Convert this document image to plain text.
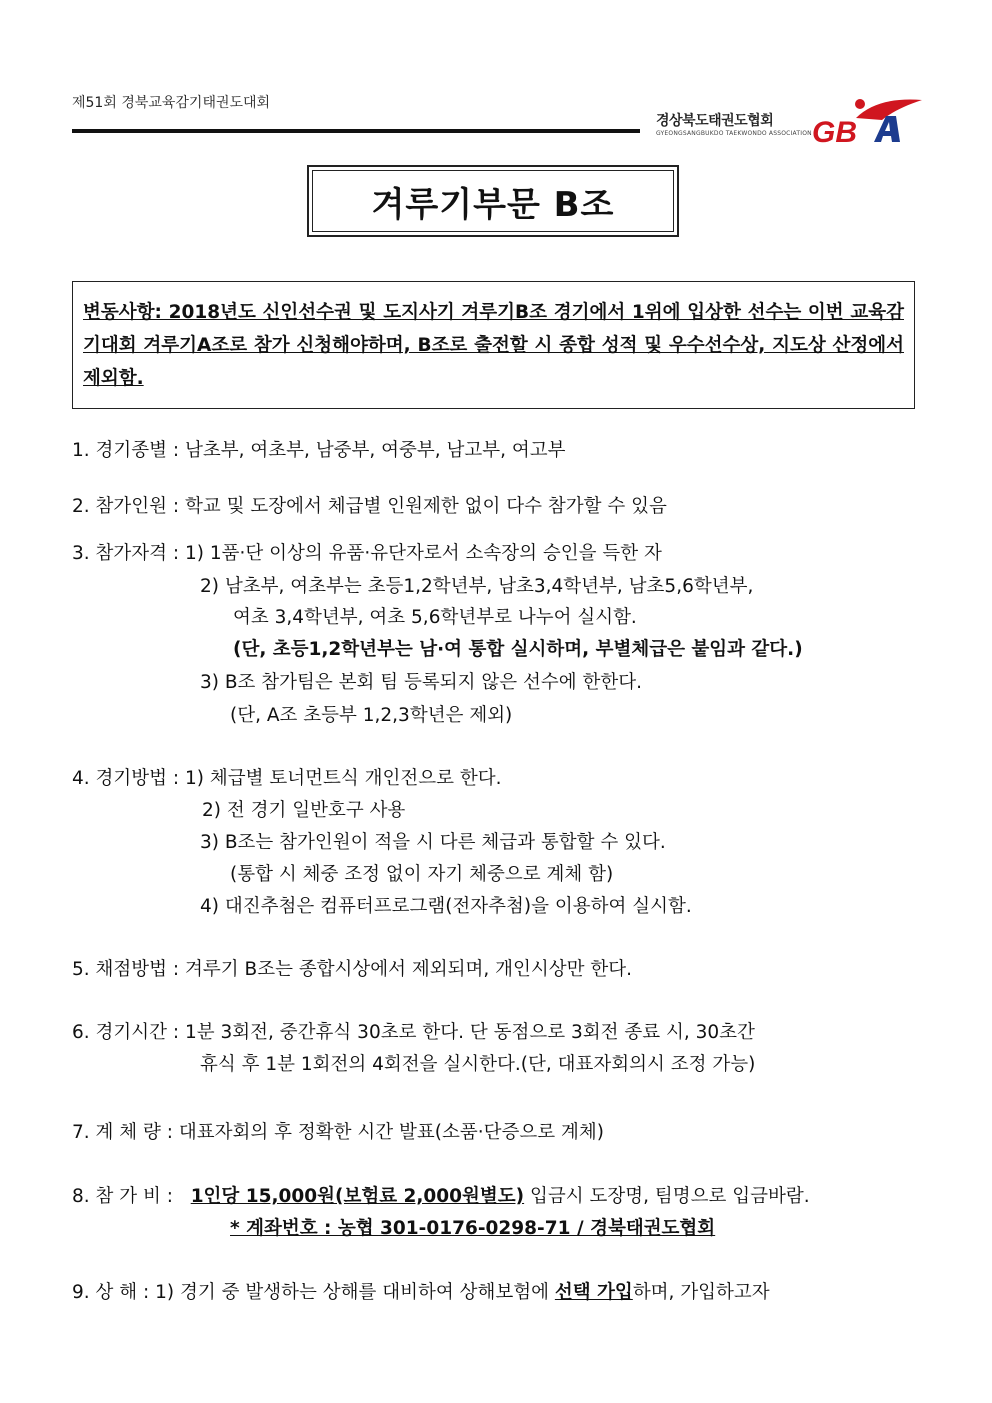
제51회 경북교육감기태권도대회
경상북도태권도협회
GYEONGSANGBUKDO TAEKWONDO ASSOCIATION GB
겨루기부문 B조
변동사항: 2018년도 신인선수권 및 도지사기 겨루기B조 경기에서 1위에 입상한 선수는 이번 교육감기대회 겨루기A조로 참가 신청해야하며, B조로 출전할 시 종합 성적 및 우수선수상, 지도상 산정에서 제외함.
1. 경기종별 : 남초부, 여초부, 남중부, 여중부, 남고부, 여고부
2. 참가인원 : 학교 및 도장에서 체급별 인원제한 없이 다수 참가할 수 있음
3. 참가자격 : 1) 1품·단 이상의 유품·유단자로서 소속장의 승인을 득한 자
2) 남초부, 여초부는 초등1,2학년부, 남초3,4학년부, 남초5,6학년부,
여초 3,4학년부, 여초 5,6학년부로 나누어 실시함.
(단, 초등1,2학년부는 남·여 통합 실시하며, 부별체급은 붙임과 같다.)
3) B조 참가팀은 본회 팀 등록되지 않은 선수에 한한다.
(단, A조 초등부 1,2,3학년은 제외)
4. 경기방법 : 1) 체급별 토너먼트식 개인전으로 한다.
2) 전 경기 일반호구 사용
3) B조는 참가인원이 적을 시 다른 체급과 통합할 수 있다.
(통합 시 체중 조정 없이 자기 체중으로 계체 함)
4) 대진추첨은 컴퓨터프로그램(전자추첨)을 이용하여 실시함.
5. 채점방법 : 겨루기 B조는 종합시상에서 제외되며, 개인시상만 한다.
6. 경기시간 : 1분 3회전, 중간휴식 30초로 한다. 단 동점으로 3회전 종료 시, 30초간
휴식 후 1분 1회전의 4회전을 실시한다.(단, 대표자회의시 조정 가능)
7. 계 체 량 : 대표자회의 후 정확한 시간 발표(소품·단증으로 계체)
8. 참 가 비 : 1인당 15,000원(보험료 2,000원별도) 입금시 도장명, 팀명으로 입금바람.
* 계좌번호 : 농협 301-0176-0298-71 / 경북태권도협회
9. 상 해 : 1) 경기 중 발생하는 상해를 대비하여 상해보험에 선택 가입하며, 가입하고자
